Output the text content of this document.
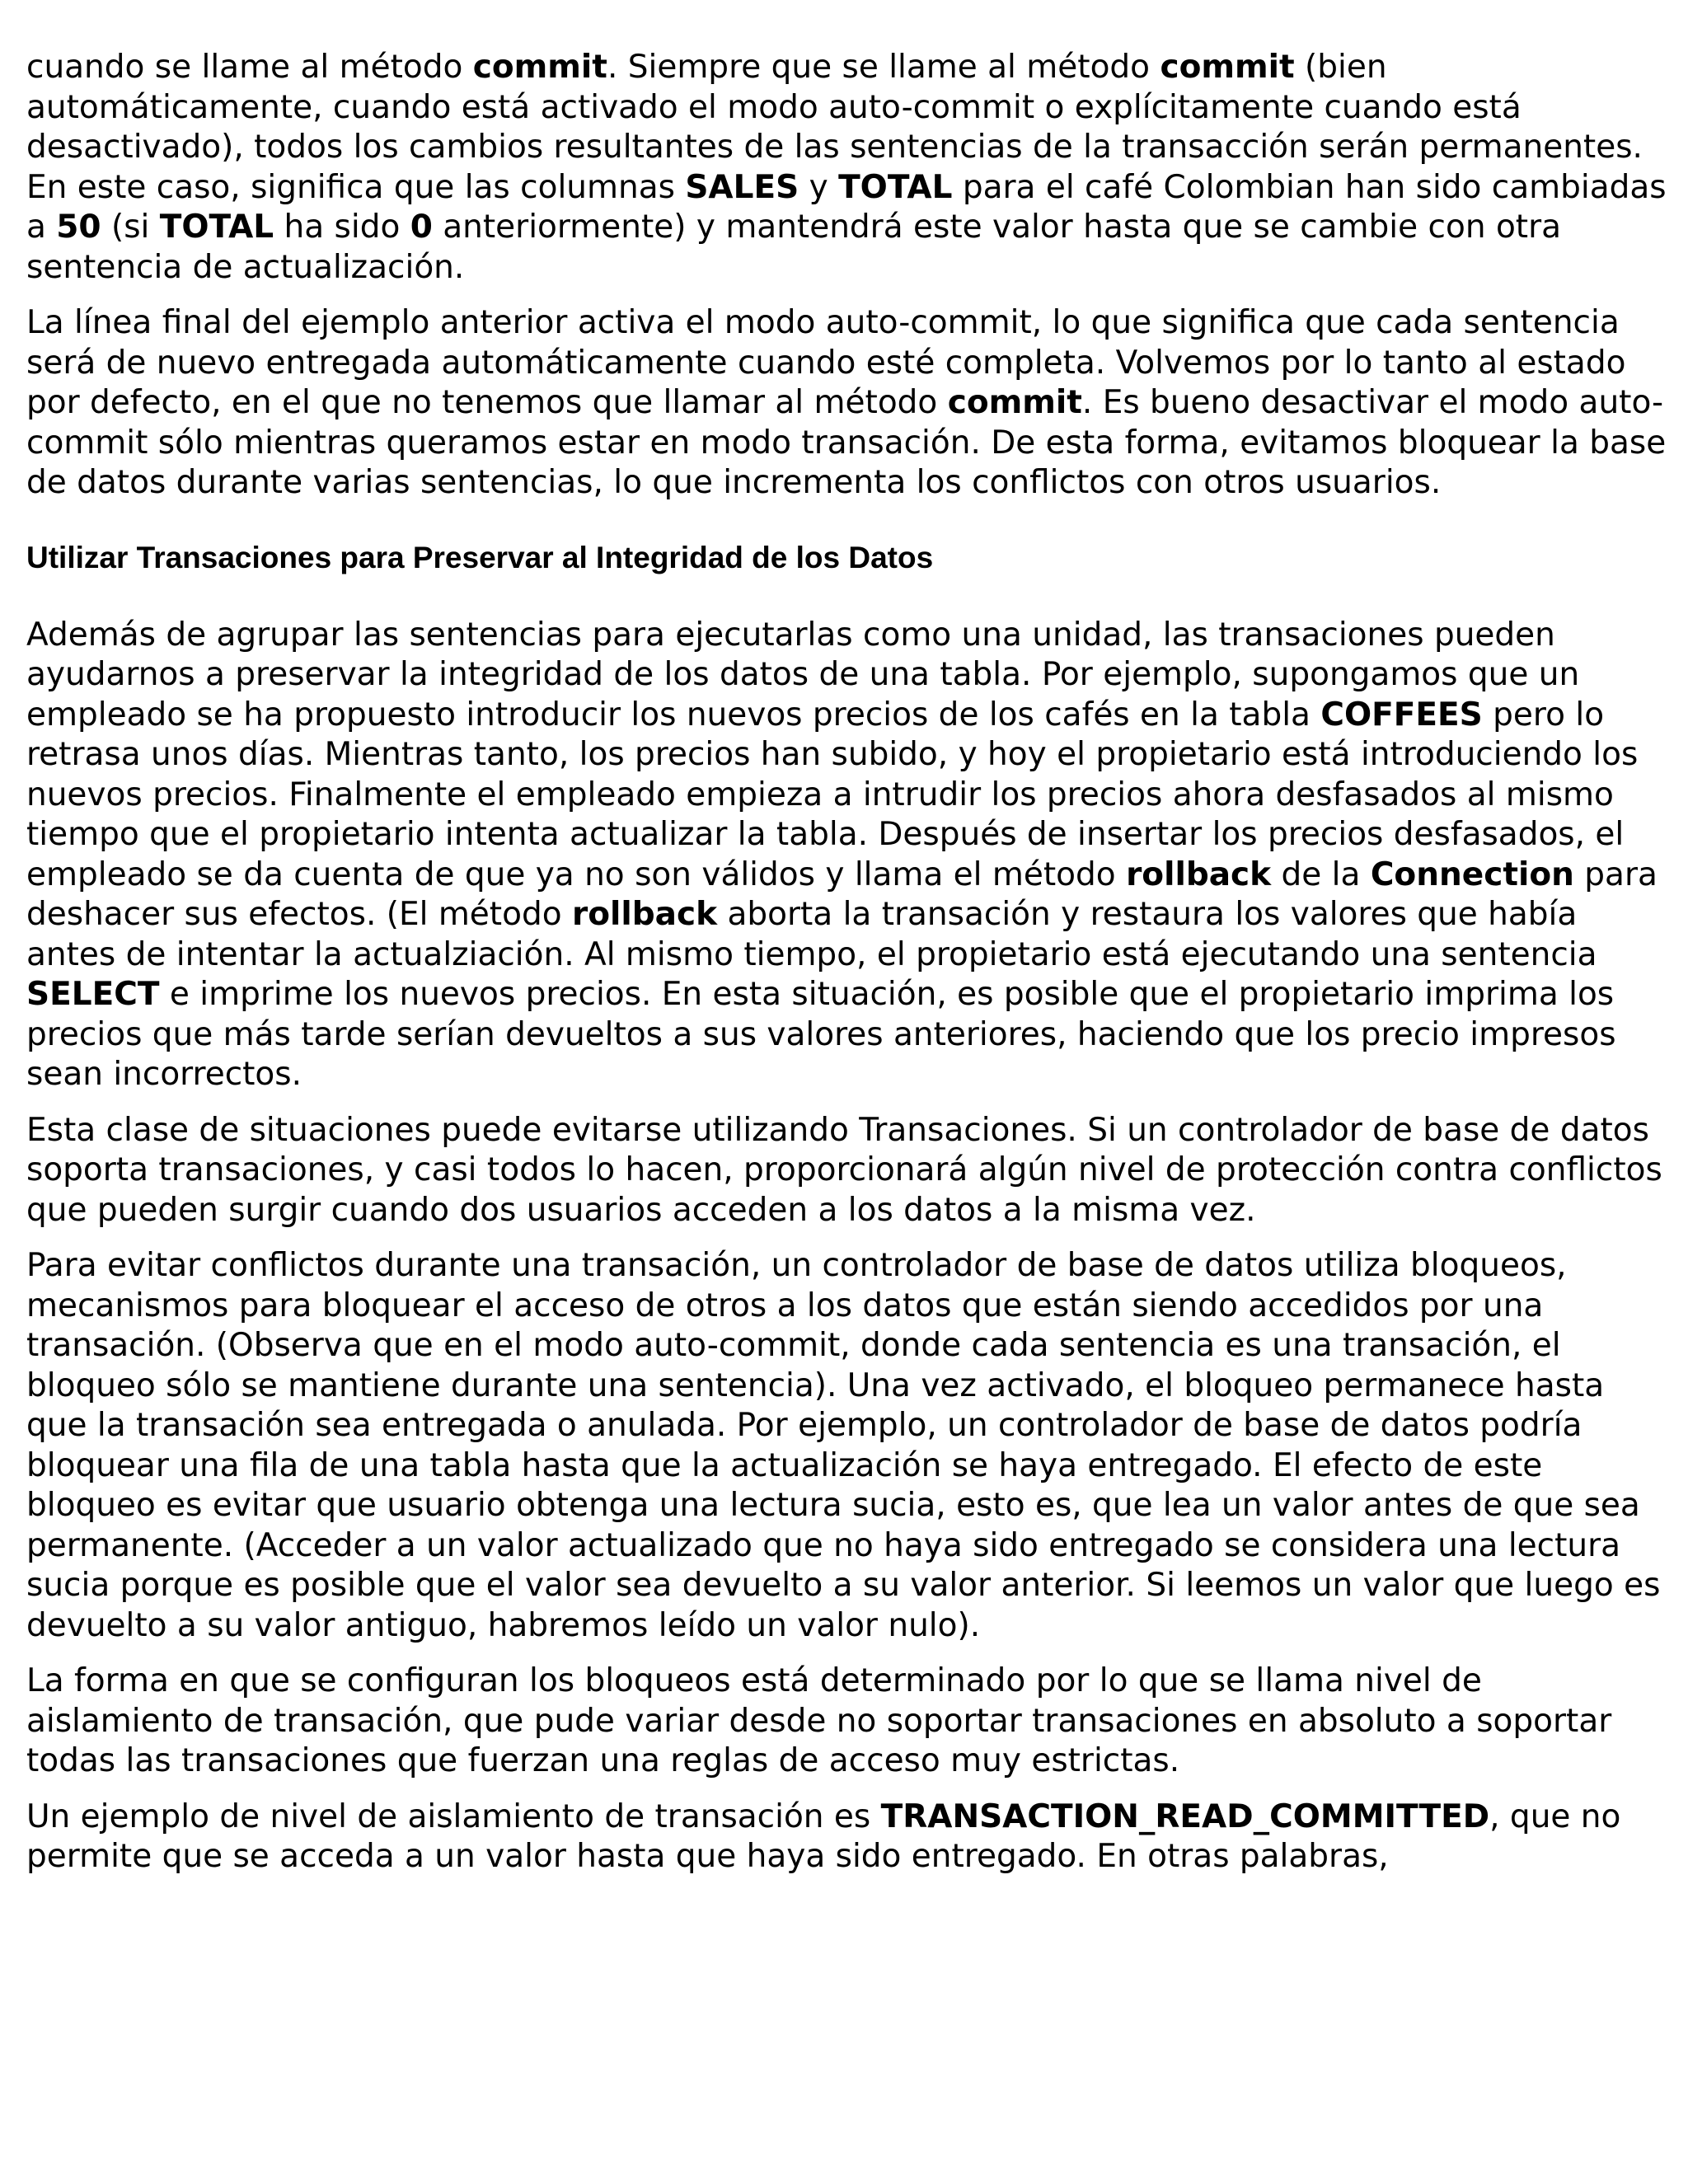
cuando se llame al método commit. Siempre que se llame al método commit (bien automáticamente, cuando está activado el modo auto-commit o explícitamente cuando está desactivado), todos los cambios resultantes de las sentencias de la transacción serán permanentes. En este caso, significa que las columnas SALES y TOTAL para el café Colombian han sido cambiadas a 50 (si TOTAL ha sido 0 anteriormente) y mantendrá este valor hasta que se cambie con otra sentencia de actualización.

La línea final del ejemplo anterior activa el modo auto-commit, lo que significa que cada sentencia será de nuevo entregada automáticamente cuando esté completa. Volvemos por lo tanto al estado por defecto, en el que no tenemos que llamar al método commit. Es bueno desactivar el modo auto-commit sólo mientras queramos estar en modo transación. De esta forma, evitamos bloquear la base de datos durante varias sentencias, lo que incrementa los conflictos con otros usuarios.

Utilizar Transaciones para Preservar al Integridad de los Datos

Además de agrupar las sentencias para ejecutarlas como una unidad, las transaciones pueden ayudarnos a preservar la integridad de los datos de una tabla. Por ejemplo, supongamos que un empleado se ha propuesto introducir los nuevos precios de los cafés en la tabla COFFEES pero lo retrasa unos días. Mientras tanto, los precios han subido, y hoy el propietario está introduciendo los nuevos precios. Finalmente el empleado empieza a intrudir los precios ahora desfasados al mismo tiempo que el propietario intenta actualizar la tabla. Después de insertar los precios desfasados, el empleado se da cuenta de que ya no son válidos y llama el método rollback de la Connection para deshacer sus efectos. (El método rollback aborta la transación y restaura los valores que había antes de intentar la actualziación. Al mismo tiempo, el propietario está ejecutando una sentencia SELECT e imprime los nuevos precios. En esta situación, es posible que el propietario imprima los precios que más tarde serían devueltos a sus valores anteriores, haciendo que los precio impresos sean incorrectos.

Esta clase de situaciones puede evitarse utilizando Transaciones. Si un controlador de base de datos soporta transaciones, y casi todos lo hacen, proporcionará algún nivel de protección contra conflictos que pueden surgir cuando dos usuarios acceden a los datos a la misma vez.

Para evitar conflictos durante una transación, un controlador de base de datos utiliza bloqueos, mecanismos para bloquear el acceso de otros a los datos que están siendo accedidos por una transación. (Observa que en el modo auto-commit, donde cada sentencia es una transación, el bloqueo sólo se mantiene durante una sentencia). Una vez activado, el bloqueo permanece hasta que la transación sea entregada o anulada. Por ejemplo, un controlador de base de datos podría bloquear una fila de una tabla hasta que la actualización se haya entregado. El efecto de este bloqueo es evitar que usuario obtenga una lectura sucia, esto es, que lea un valor antes de que sea permanente. (Acceder a un valor actualizado que no haya sido entregado se considera una lectura sucia porque es posible que el valor sea devuelto a su valor anterior. Si leemos un valor que luego es devuelto a su valor antiguo, habremos leído un valor nulo).

La forma en que se configuran los bloqueos está determinado por lo que se llama nivel de aislamiento de transación, que pude variar desde no soportar transaciones en absoluto a soportar todas las transaciones que fuerzan una reglas de acceso muy estrictas.

Un ejemplo de nivel de aislamiento de transación es TRANSACTION_READ_COMMITTED, que no permite que se acceda a un valor hasta que haya sido entregado. En otras palabras,
